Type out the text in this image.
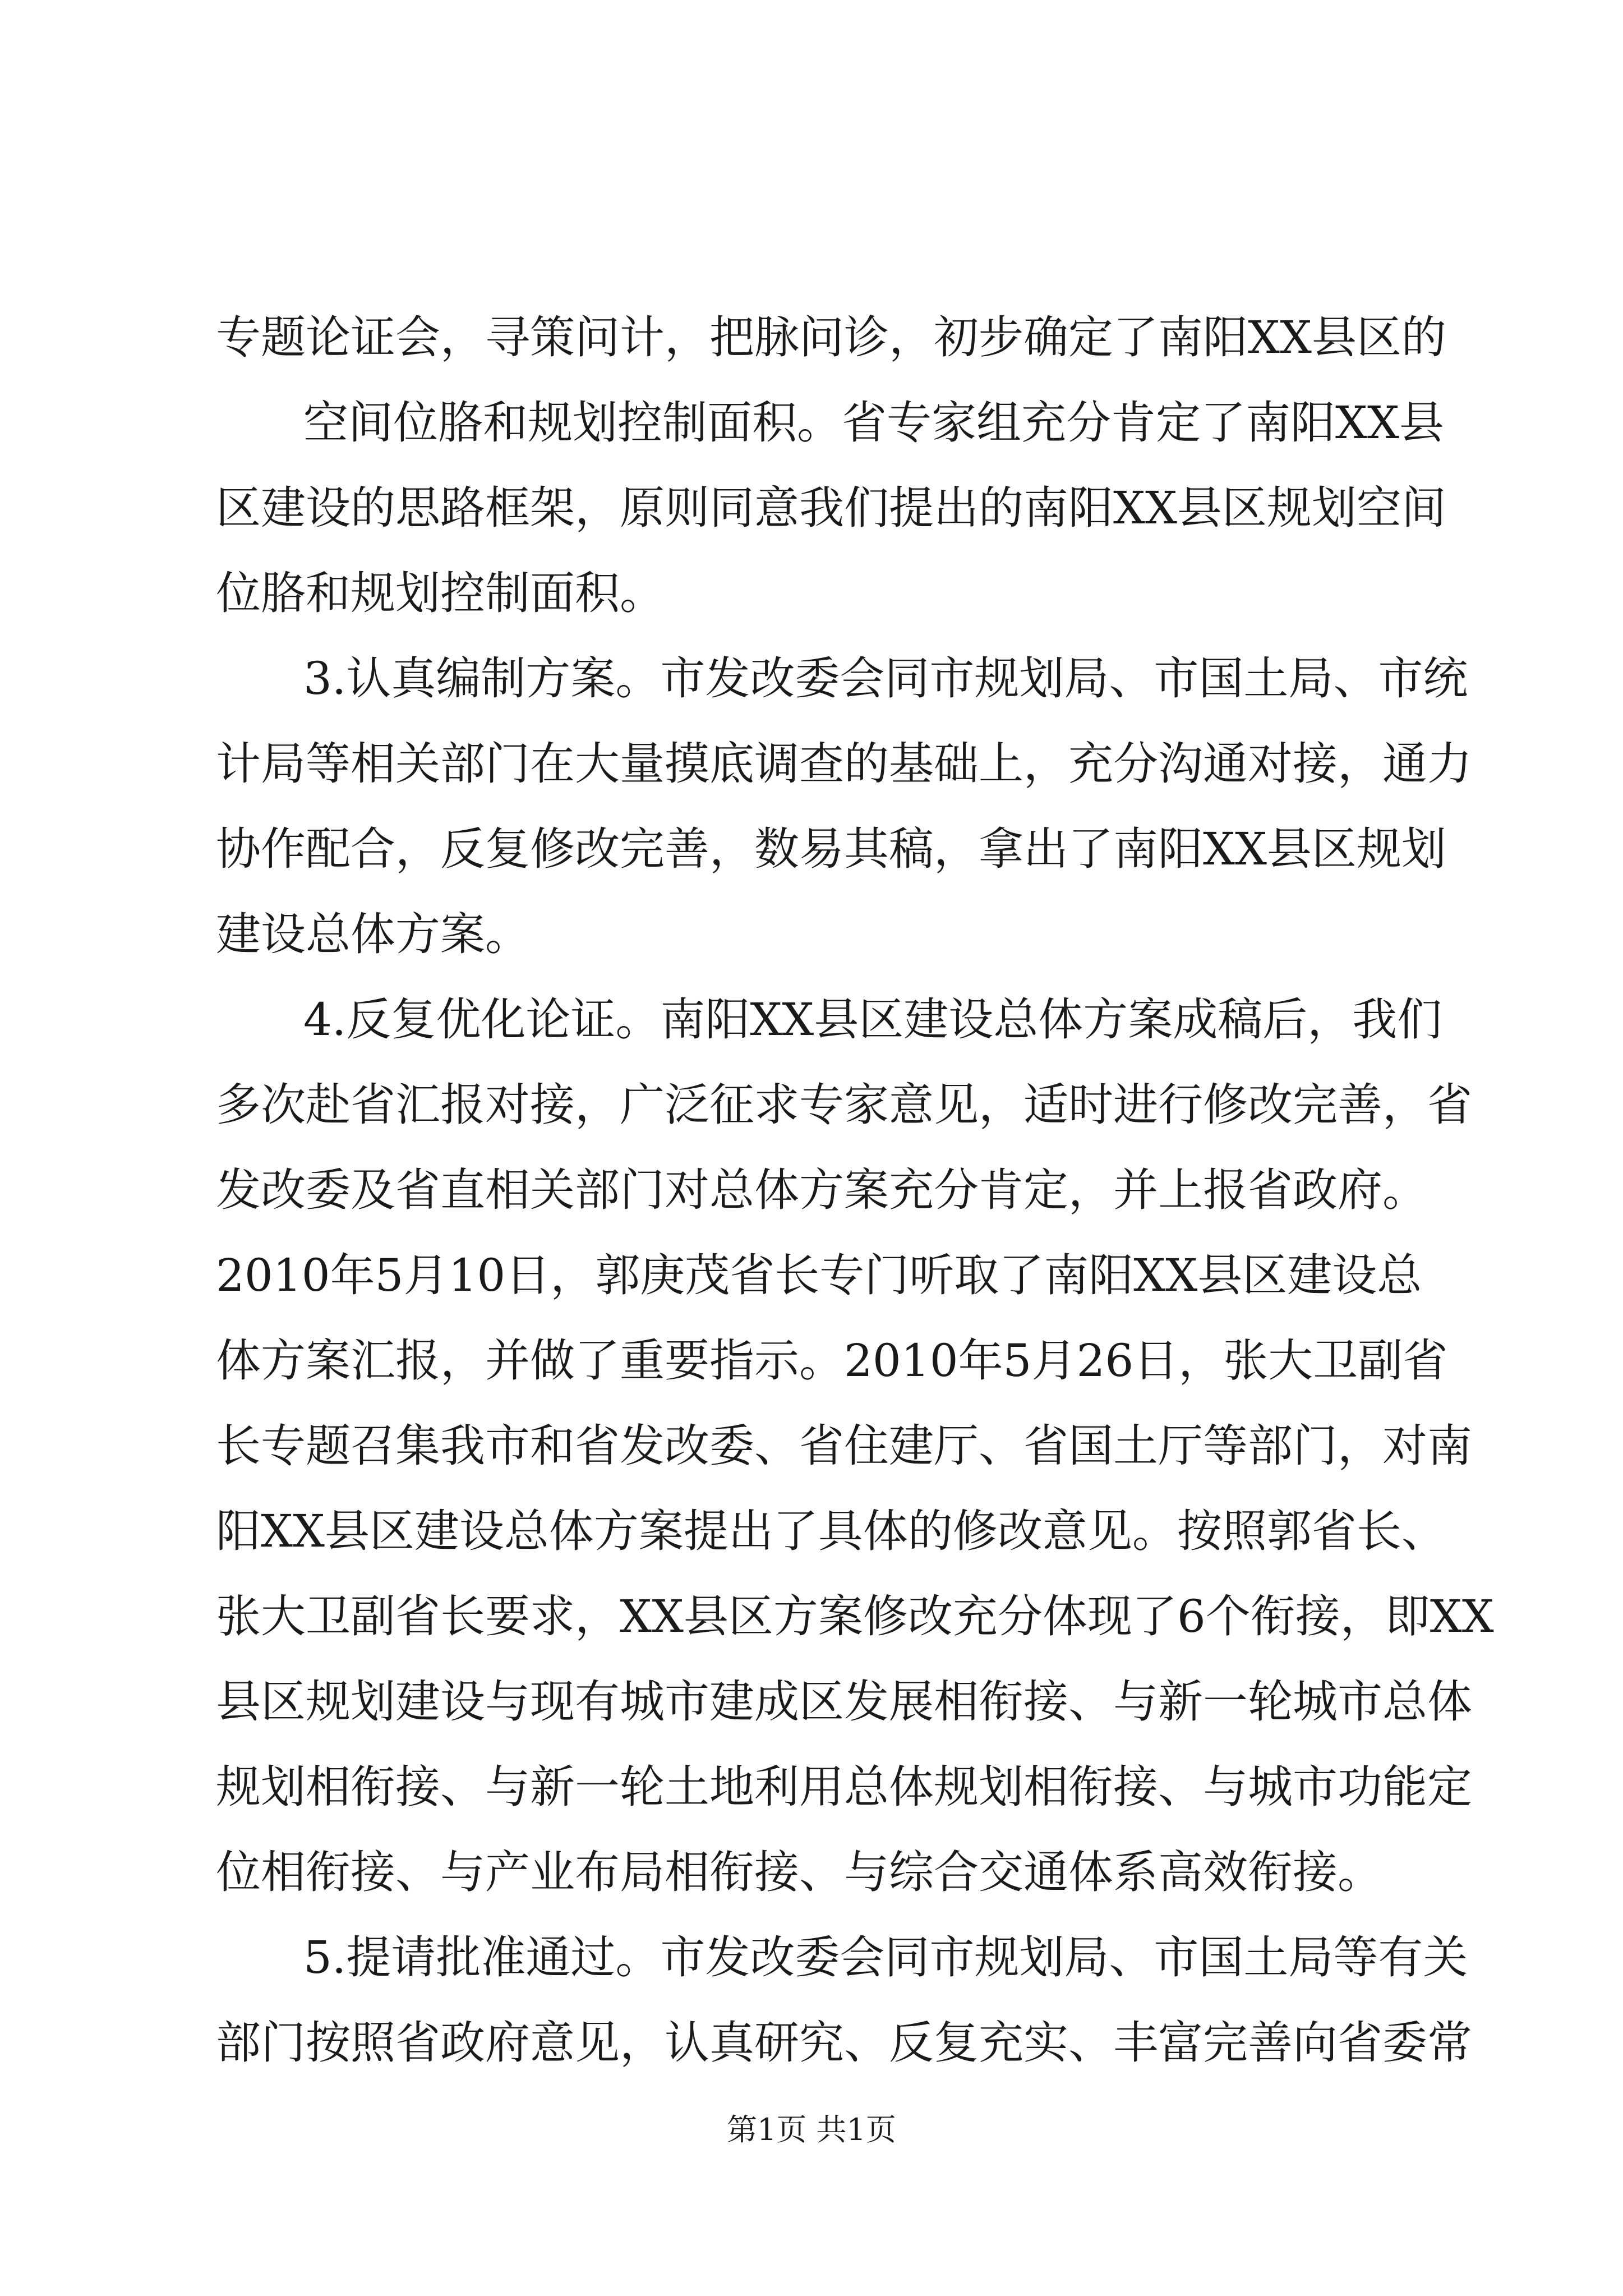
专题论证会，寻策问计，把脉问诊，初步确定了南阳XX县区的
空间位胳和规划控制面积。省专家组充分肯定了南阳XX县
区建设的思路框架，原则同意我们提出的南阳XX县区规划空间
位胳和规划控制面积。
3.认真编制方案。市发改委会同市规划局、市国土局、市统
计局等相关部门在大量摸底调查的基础上，充分沟通对接，通力
协作配合，反复修改完善，数易其稿，拿出了南阳XX县区规划
建设总体方案。
4.反复优化论证。南阳XX县区建设总体方案成稿后，我们
多次赴省汇报对接，广泛征求专家意见，适时进行修改完善，省
发改委及省直相关部门对总体方案充分肯定，并上报省政府。
2010年5月10日，郭庚茂省长专门听取了南阳XX县区建设总
体方案汇报，并做了重要指示。2010年5月26日，张大卫副省
长专题召集我市和省发改委、省住建厅、省国土厅等部门，对南
阳XX县区建设总体方案提出了具体的修改意见。按照郭省长、
张大卫副省长要求，XX县区方案修改充分体现了6个衔接，即XX
县区规划建设与现有城市建成区发展相衔接、与新一轮城市总体
规划相衔接、与新一轮土地利用总体规划相衔接、与城市功能定
位相衔接、与产业布局相衔接、与综合交通体系高效衔接。
5.提请批准通过。市发改委会同市规划局、市国土局等有关
部门按照省政府意见，认真研究、反复充实、丰富完善向省委常
第1页 共1页
